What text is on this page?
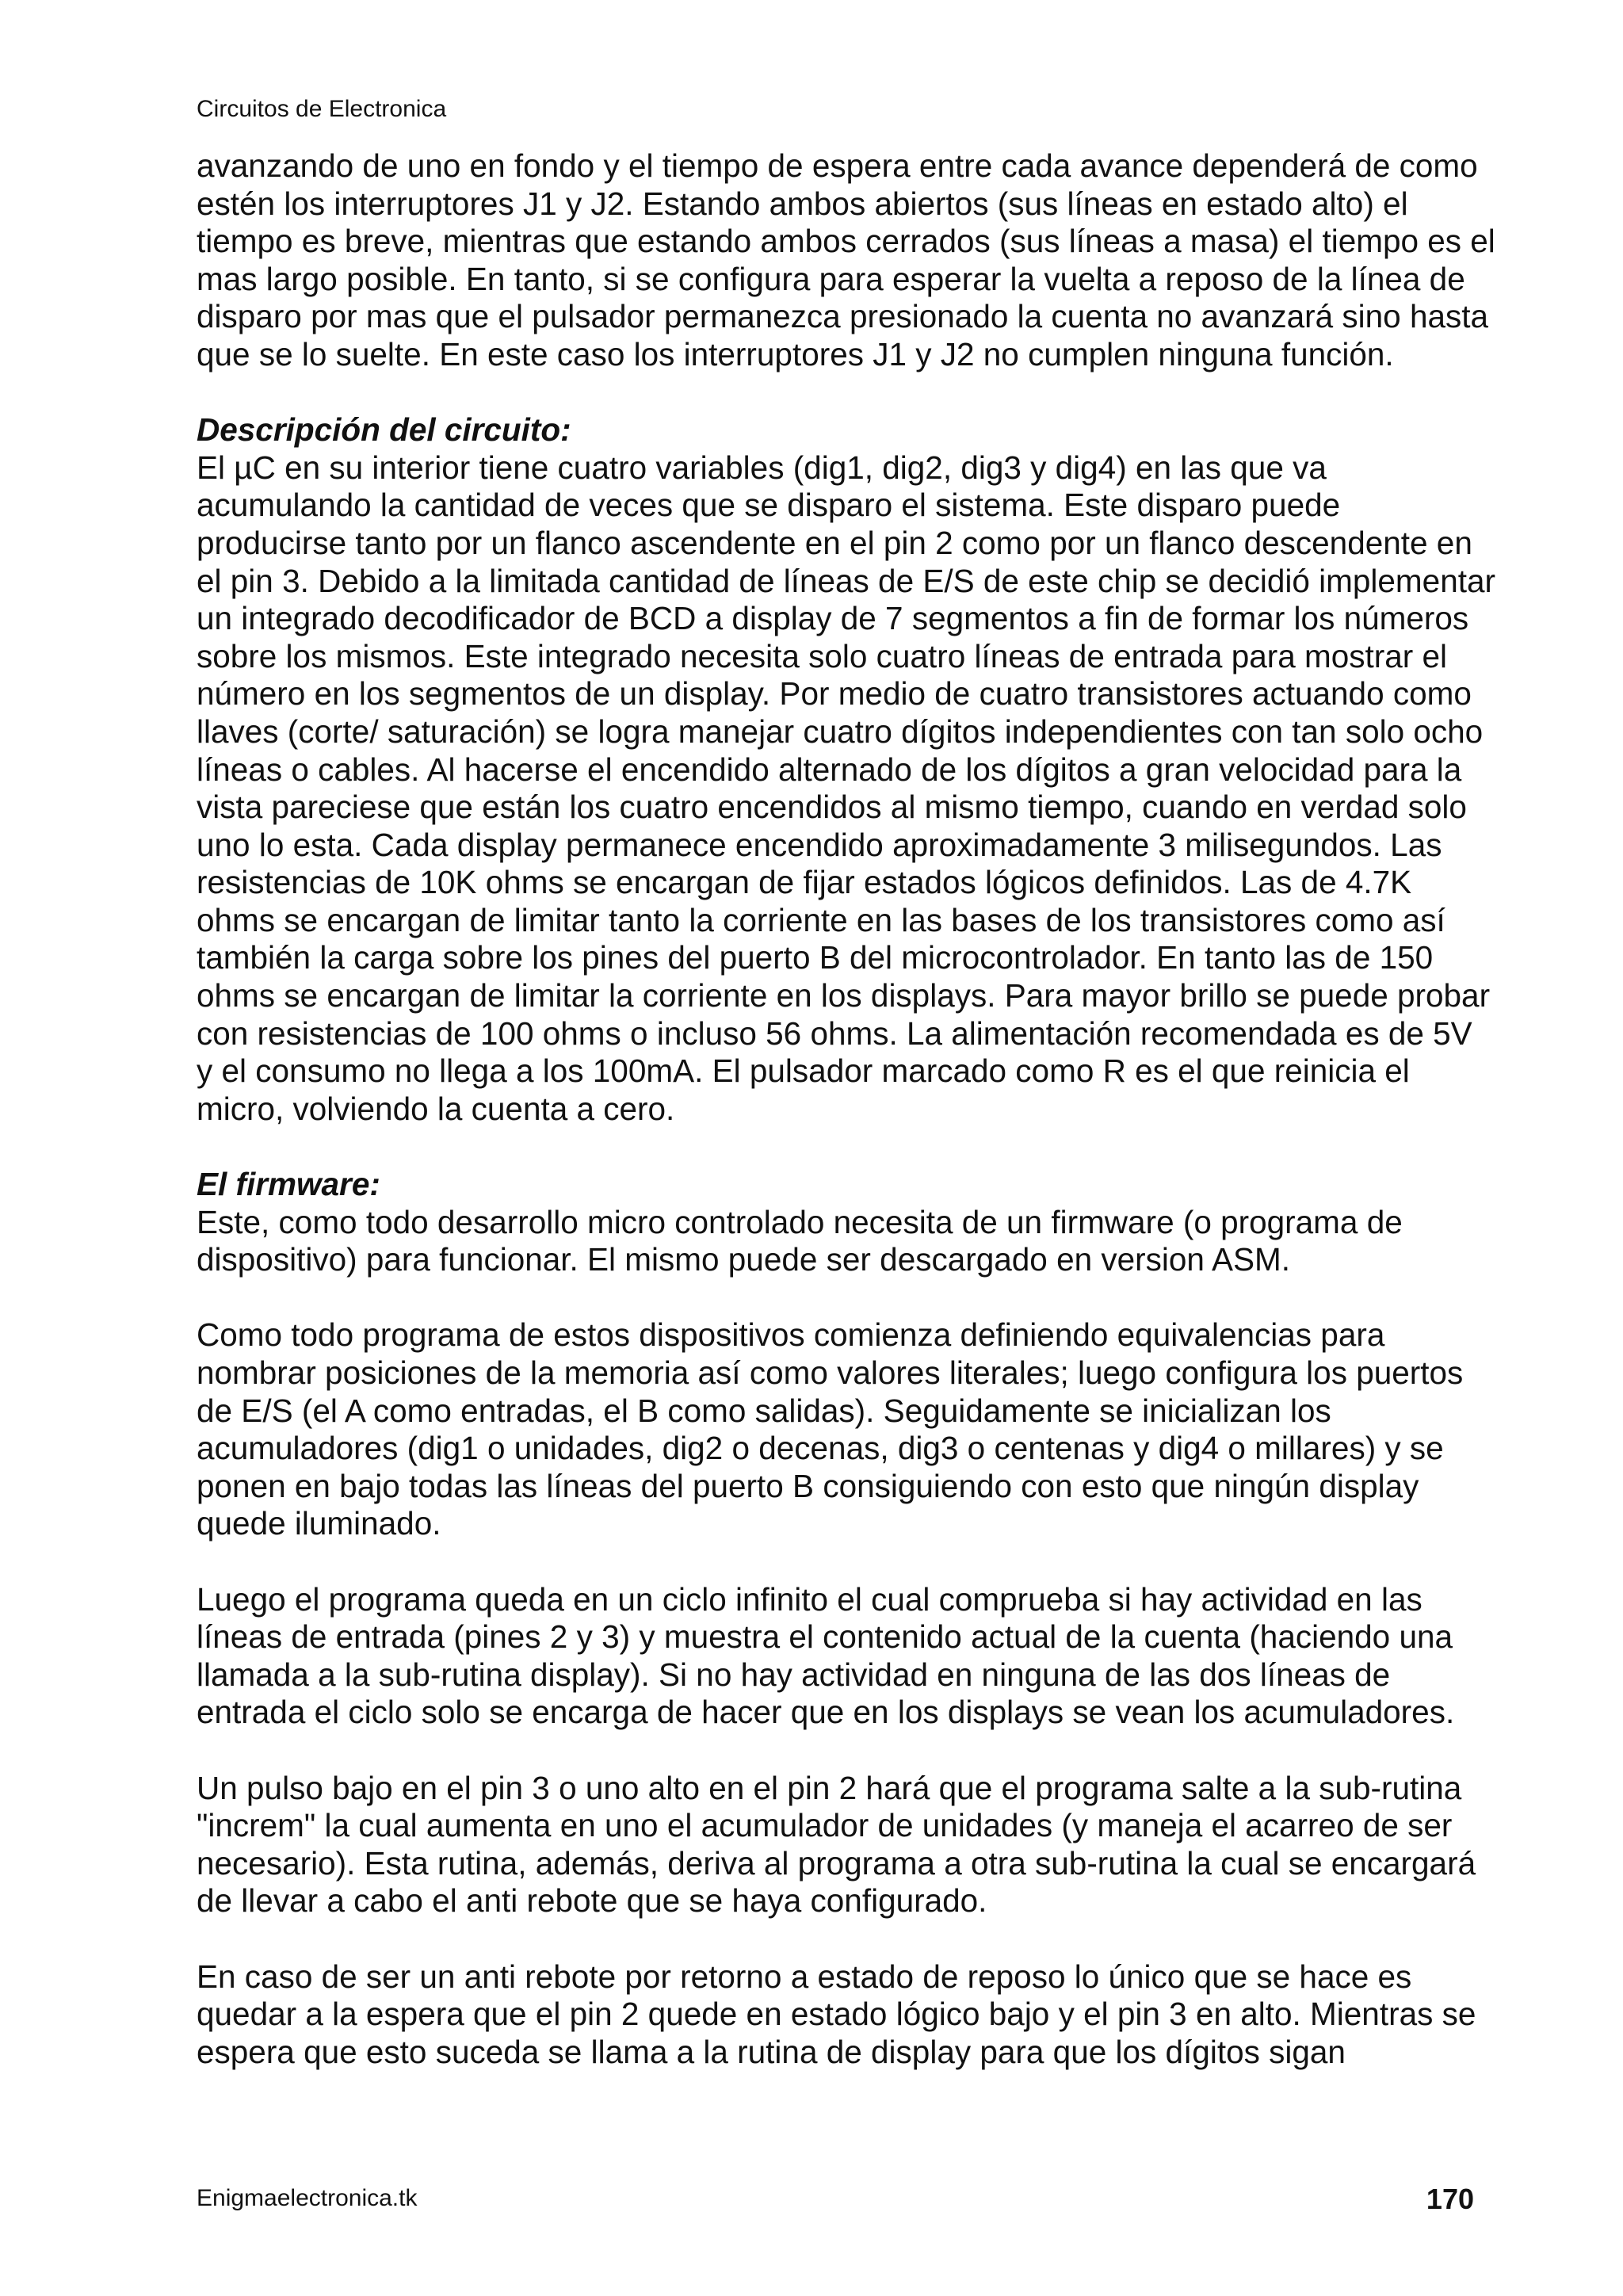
Circuitos de Electronica

avanzando de uno en fondo y el tiempo de espera entre cada avance dependerá de como estén los interruptores J1 y J2. Estando ambos abiertos (sus líneas en estado alto) el tiempo es breve, mientras que estando ambos cerrados (sus líneas a masa) el tiempo es el mas largo posible. En tanto, si se configura para esperar la vuelta a reposo de la línea de disparo por mas que el pulsador permanezca presionado la cuenta no avanzará sino hasta que se lo suelte. En este caso los interruptores J1 y J2 no cumplen ninguna función.

Descripción del circuito:

El µC en su interior tiene cuatro variables (dig1, dig2, dig3 y dig4) en las que va acumulando la cantidad de veces que se disparo el sistema. Este disparo puede producirse tanto por un flanco ascendente en el pin 2 como por un flanco descendente en el pin 3. Debido a la limitada cantidad de líneas de E/S de este chip se decidió implementar un integrado decodificador de BCD a display de 7 segmentos a fin de formar los números sobre los mismos. Este integrado necesita solo cuatro líneas de entrada para mostrar el número en los segmentos de un display. Por medio de cuatro transistores actuando como llaves (corte/ saturación) se logra manejar cuatro dígitos independientes con tan solo ocho líneas o cables. Al hacerse el encendido alternado de los dígitos a gran velocidad para la vista pareciese que están los cuatro encendidos al mismo tiempo, cuando en verdad solo uno lo esta. Cada display permanece encendido aproximadamente 3 milisegundos. Las resistencias de 10K ohms se encargan de fijar estados lógicos definidos. Las de 4.7K ohms se encargan de limitar tanto la corriente en las bases de los transistores como así también la carga sobre los pines del puerto B del microcontrolador. En tanto las de 150 ohms se encargan de limitar la corriente en los displays. Para mayor brillo se puede probar con resistencias de 100 ohms o incluso 56 ohms. La alimentación recomendada es de 5V y el consumo no llega a los 100mA. El pulsador marcado como R es el que reinicia el micro, volviendo la cuenta a cero.

El firmware:

Este, como todo desarrollo micro controlado necesita de un firmware (o programa de dispositivo) para funcionar. El mismo puede ser descargado en version ASM.

Como todo programa de estos dispositivos comienza definiendo equivalencias para nombrar posiciones de la memoria así como valores literales; luego configura los puertos de E/S (el A como entradas, el B como salidas). Seguidamente se inicializan los acumuladores (dig1 o unidades, dig2 o decenas, dig3 o centenas y dig4 o millares) y se ponen en bajo todas las líneas del puerto B consiguiendo con esto que ningún display quede iluminado.

Luego el programa queda en un ciclo infinito el cual comprueba si hay actividad en las líneas de entrada (pines 2 y 3) y muestra el contenido actual de la cuenta (haciendo una llamada a la sub-rutina display). Si no hay actividad en ninguna de las dos líneas de entrada el ciclo solo se encarga de hacer que en los displays se vean los acumuladores.

Un pulso bajo en el pin 3 o uno alto en el pin 2 hará que el programa salte a la sub-rutina "increm" la cual aumenta en uno el acumulador de unidades (y maneja el acarreo de ser necesario). Esta rutina, además, deriva al programa a otra sub-rutina la cual se encargará de llevar a cabo el anti rebote que se haya configurado.

En caso de ser un anti rebote por retorno a estado de reposo lo único que se hace es quedar a la espera que el pin 2 quede en estado lógico bajo y el pin 3 en alto. Mientras se espera que esto suceda se llama a la rutina de display para que los dígitos sigan

Enigmaelectronica.tk	170
